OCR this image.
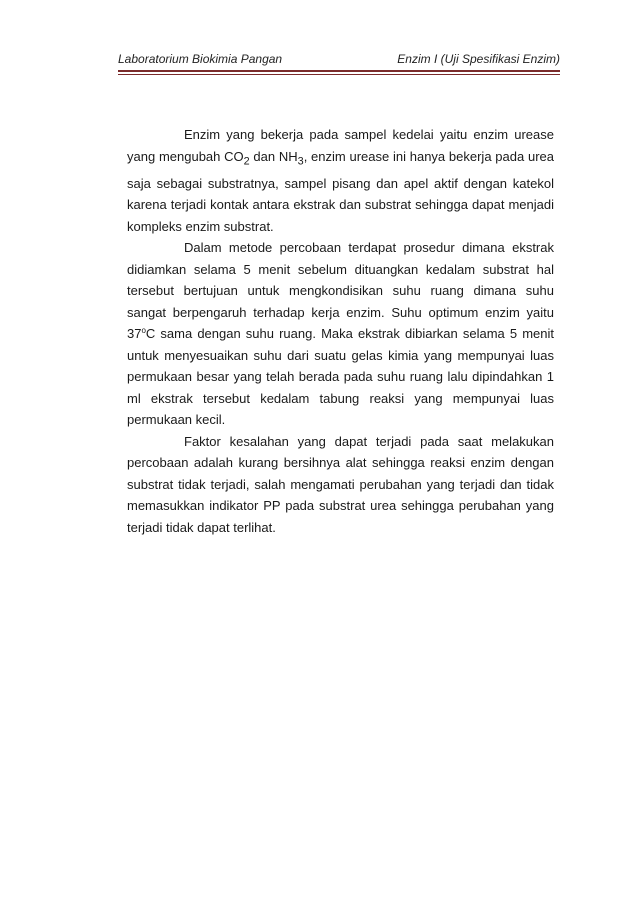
Laboratorium Biokimia Pangan	Enzim I (Uji Spesifikasi Enzim)

Enzim yang bekerja pada sampel kedelai yaitu enzim urease yang mengubah $CO_2$ dan $NH_3$, enzim urease ini hanya bekerja pada urea saja sebagai substratnya, sampel pisang dan apel aktif dengan katekol karena terjadi kontak antara ekstrak dan substrat sehingga dapat menjadi kompleks enzim substrat.

Dalam metode percobaan terdapat prosedur dimana ekstrak didiamkan selama 5 menit sebelum dituangkan kedalam substrat hal tersebut bertujuan untuk mengkondisikan suhu ruang dimana suhu sangat berpengaruh terhadap kerja enzim. Suhu optimum enzim yaitu 37$^o$C sama dengan suhu ruang. Maka ekstrak dibiarkan selama 5 menit untuk menyesuaikan suhu dari suatu gelas kimia yang mempunyai luas permukaan besar yang telah berada pada suhu ruang lalu dipindahkan 1 ml ekstrak tersebut kedalam tabung reaksi yang mempunyai luas permukaan kecil.

Faktor kesalahan yang dapat terjadi pada saat melakukan percobaan adalah kurang bersihnya alat sehingga reaksi enzim dengan substrat tidak terjadi, salah mengamati perubahan yang terjadi dan tidak memasukkan indikator PP pada substrat urea sehingga perubahan yang terjadi tidak dapat terlihat.
